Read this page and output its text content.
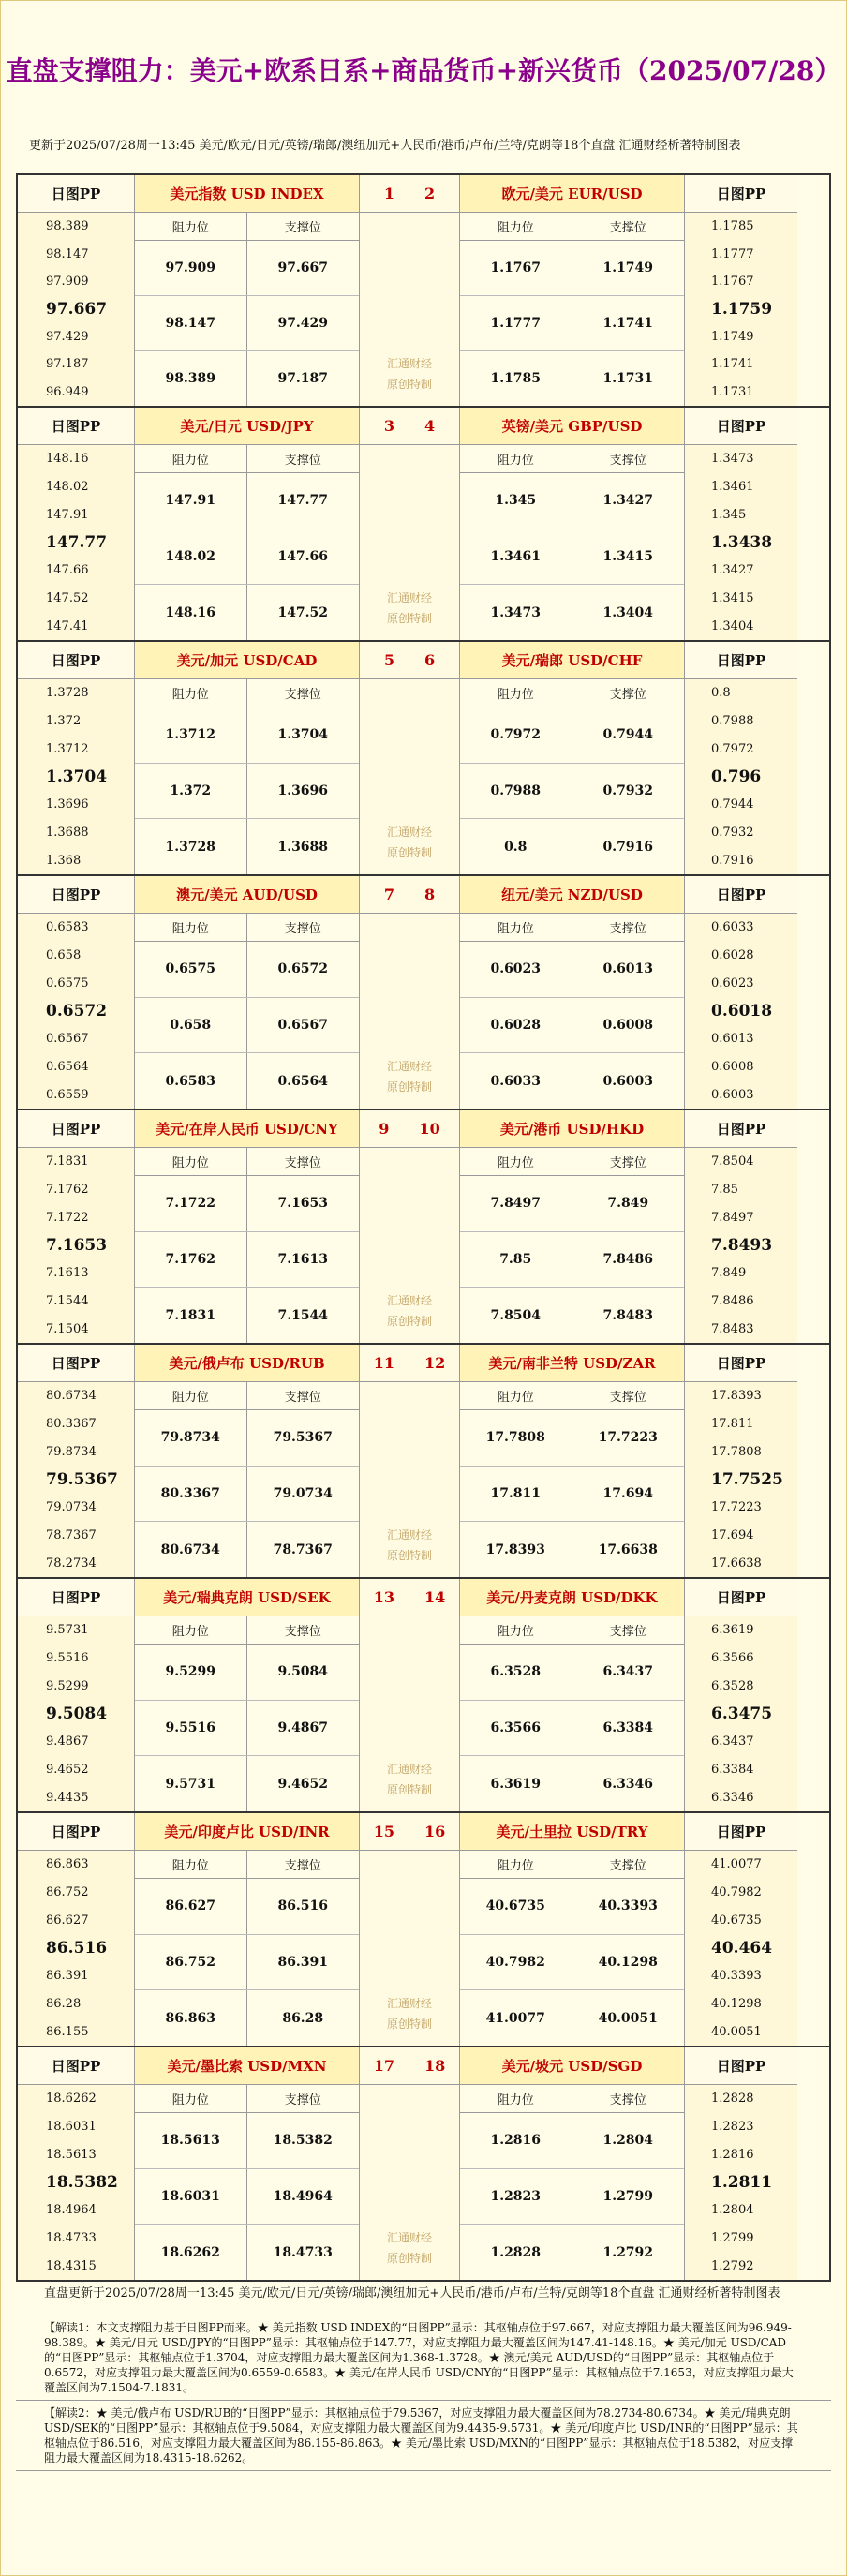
直盘支撑阻力：美元+欧系日系+商品货币+新兴货币（2025/07/28）
更新于2025/07/28周一13:45 美元/欧元/日元/英镑/瑞郎/澳纽加元+人民币/港币/卢布/兰特/克朗等18个直盘 汇通财经析著特制图表
日图PP
98.389
98.147
97.909
97.667
97.429
97.187
96.949
美元指数 USD INDEX
阻力位	支撑位
97.909	97.667
98.147	97.429
98.389	97.187
1 2
汇通财经
原创特制
欧元/美元 EUR/USD
阻力位	支撑位
1.1767	1.1749
1.1777	1.1741
1.1785	1.1731
日图PP
1.1785
1.1777
1.1767
1.1759
1.1749
1.1741
1.1731
日图PP
148.16
148.02
147.91
147.77
147.66
147.52
147.41
美元/日元 USD/JPY
阻力位	支撑位
147.91	147.77
148.02	147.66
148.16	147.52
3 4
汇通财经
原创特制
英镑/美元 GBP/USD
阻力位	支撑位
1.345	1.3427
1.3461	1.3415
1.3473	1.3404
日图PP
1.3473
1.3461
1.345
1.3438
1.3427
1.3415
1.3404
日图PP
1.3728
1.372
1.3712
1.3704
1.3696
1.3688
1.368
美元/加元 USD/CAD
阻力位	支撑位
1.3712	1.3704
1.372	1.3696
1.3728	1.3688
5 6
汇通财经
原创特制
美元/瑞郎 USD/CHF
阻力位	支撑位
0.7972	0.7944
0.7988	0.7932
0.8	0.7916
日图PP
0.8
0.7988
0.7972
0.796
0.7944
0.7932
0.7916
日图PP
0.6583
0.658
0.6575
0.6572
0.6567
0.6564
0.6559
澳元/美元 AUD/USD
阻力位	支撑位
0.6575	0.6572
0.658	0.6567
0.6583	0.6564
7 8
汇通财经
原创特制
纽元/美元 NZD/USD
阻力位	支撑位
0.6023	0.6013
0.6028	0.6008
0.6033	0.6003
日图PP
0.6033
0.6028
0.6023
0.6018
0.6013
0.6008
0.6003
日图PP
7.1831
7.1762
7.1722
7.1653
7.1613
7.1544
7.1504
美元/在岸人民币 USD/CNY
阻力位	支撑位
7.1722	7.1653
7.1762	7.1613
7.1831	7.1544
9 10
汇通财经
原创特制
美元/港币 USD/HKD
阻力位	支撑位
7.8497	7.849
7.85	7.8486
7.8504	7.8483
日图PP
7.8504
7.85
7.8497
7.8493
7.849
7.8486
7.8483
日图PP
80.6734
80.3367
79.8734
79.5367
79.0734
78.7367
78.2734
美元/俄卢布 USD/RUB
阻力位	支撑位
79.8734	79.5367
80.3367	79.0734
80.6734	78.7367
11 12
汇通财经
原创特制
美元/南非兰特 USD/ZAR
阻力位	支撑位
17.7808	17.7223
17.811	17.694
17.8393	17.6638
日图PP
17.8393
17.811
17.7808
17.7525
17.7223
17.694
17.6638
日图PP
9.5731
9.5516
9.5299
9.5084
9.4867
9.4652
9.4435
美元/瑞典克朗 USD/SEK
阻力位	支撑位
9.5299	9.5084
9.5516	9.4867
9.5731	9.4652
13 14
汇通财经
原创特制
美元/丹麦克朗 USD/DKK
阻力位	支撑位
6.3528	6.3437
6.3566	6.3384
6.3619	6.3346
日图PP
6.3619
6.3566
6.3528
6.3475
6.3437
6.3384
6.3346
日图PP
86.863
86.752
86.627
86.516
86.391
86.28
86.155
美元/印度卢比 USD/INR
阻力位	支撑位
86.627	86.516
86.752	86.391
86.863	86.28
15 16
汇通财经
原创特制
美元/土里拉 USD/TRY
阻力位	支撑位
40.6735	40.3393
40.7982	40.1298
41.0077	40.0051
日图PP
41.0077
40.7982
40.6735
40.464
40.3393
40.1298
40.0051
日图PP
18.6262
18.6031
18.5613
18.5382
18.4964
18.4733
18.4315
美元/墨比索 USD/MXN
阻力位	支撑位
18.5613	18.5382
18.6031	18.4964
18.6262	18.4733
17 18
汇通财经
原创特制
美元/坡元 USD/SGD
阻力位	支撑位
1.2816	1.2804
1.2823	1.2799
1.2828	1.2792
日图PP
1.2828
1.2823
1.2816
1.2811
1.2804
1.2799
1.2792
直盘更新于2025/07/28周一13:45 美元/欧元/日元/英镑/瑞郎/澳纽加元+人民币/港币/卢布/兰特/克朗等18个直盘 汇通财经析著特制图表
【解读1：本文支撑阻力基于日图PP而来。★ 美元指数 USD INDEX的“日图PP”显示：其枢轴点位于97.667，对应支撑阻力最大覆盖区间为96.949-98.389。★ 美元/日元 USD/JPY的“日图PP”显示：其枢轴点位于147.77，对应支撑阻力最大覆盖区间为147.41-148.16。★ 美元/加元 USD/CAD的“日图PP”显示：其枢轴点位于1.3704，对应支撑阻力最大覆盖区间为1.368-1.3728。★ 澳元/美元 AUD/USD的“日图PP”显示：其枢轴点位于0.6572，对应支撑阻力最大覆盖区间为0.6559-0.6583。★ 美元/在岸人民币 USD/CNY的“日图PP”显示：其枢轴点位于7.1653，对应支撑阻力最大覆盖区间为7.1504-7.1831。
【解读2：★ 美元/俄卢布 USD/RUB的“日图PP”显示：其枢轴点位于79.5367，对应支撑阻力最大覆盖区间为78.2734-80.6734。★ 美元/瑞典克朗 USD/SEK的“日图PP”显示：其枢轴点位于9.5084，对应支撑阻力最大覆盖区间为9.4435-9.5731。★ 美元/印度卢比 USD/INR的“日图PP”显示：其枢轴点位于86.516，对应支撑阻力最大覆盖区间为86.155-86.863。★ 美元/墨比索 USD/MXN的“日图PP”显示：其枢轴点位于18.5382，对应支撑阻力最大覆盖区间为18.4315-18.6262。
